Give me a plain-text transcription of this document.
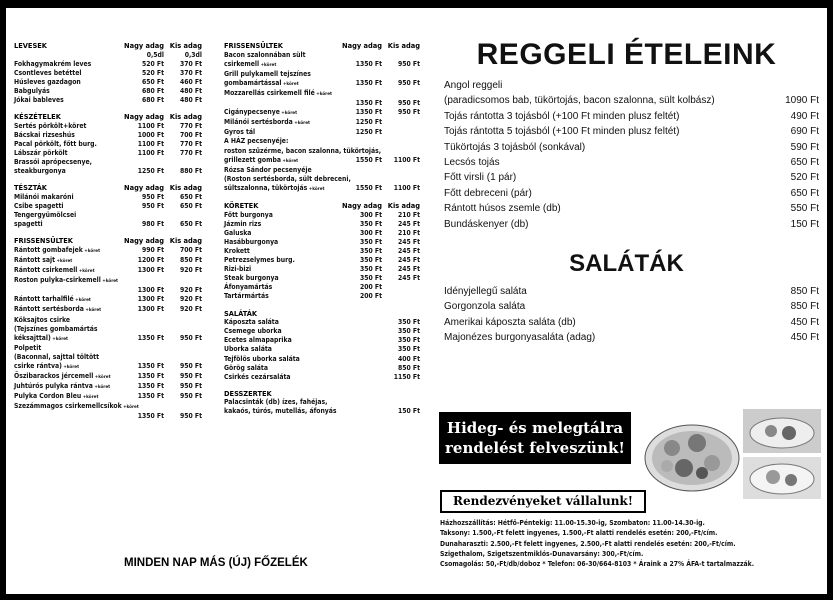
LEVESEK	Nagy adag Kis adag
0,5dl	0,3dl
Fokhagymakrém leves	520 Ft	370 Ft
Csontleves betéttel	520 Ft	370 Ft
Húsleves gazdagon	650 Ft	460 Ft
Babgulyás	680 Ft	480 Ft
Jókai bableves	680 Ft	480 Ft
KÉSZÉTELEK	Nagy adag Kis adag
Sertés pörkölt+köret	1100 Ft	770 Ft
Bácskai rizseshús	1000 Ft	700 Ft
Pacal pörkölt, főtt burg.	1100 Ft	770 Ft
Lábszár pörkölt	1100 Ft	770 Ft
Brassói aprópecsenye,
steakburgonya	1250 Ft	880 Ft
TÉSZTÁK	Nagy adag Kis adag
Milánói makaróni	950 Ft	650 Ft
Csibe spagetti	950 Ft	650 Ft
Tengergyümölcsei
spagetti	980 Ft	650 Ft
FRISSENSÜLTEK	Nagy adag Kis adag
Rántott gombafejek +köret	990 Ft	700 Ft
Rántott sajt +köret	1200 Ft	850 Ft
Rántott csirkemell +köret	1300 Ft	920 Ft
Roston pulyka-csirkemell +köret
1300 Ft	920 Ft
Rántott tarhalfilé +köret	1300 Ft	920 Ft
Rántott sertésborda +köret	1300 Ft	920 Ft
Köksajtos csirke
(Tejszínes gombamártás
kéksajttal) +köret	1350 Ft	950 Ft
Polpetit
(Baconnal, sajttal töltött
csirke rántva) +köret	1350 Ft	950 Ft
Őszibarackos jércemell +köret	1350 Ft	950 Ft
Juhtúrós pulyka rántva +köret	1350 Ft	950 Ft
Pulyka Cordon Bleu +köret	1350 Ft	950 Ft
Szezámmagos csirkemellcsíkok +köret
1350 Ft	950 Ft
FRISSENSÜLTEK	Nagy adag Kis adag
Bacon szalonnában sült
csirkemell +köret	1350 Ft	950 Ft
Grill pulykamell tejszínes
gombamártással +köret	1350 Ft	950 Ft
Mozzarellás csirkemell filé +köret
1350 Ft	950 Ft
Cigánypecsenye +köret	1350 Ft	950 Ft
Milánói sertésborda +köret	1250 Ft
Gyros tál	1250 Ft
A HÁZ pecsenyéje:
roston szűzérme, bacon szalonna, tükörtojás,
grillezett gomba +köret	1550 Ft	1100 Ft
Rózsa Sándor pecsenyéje
(Roston sertésborda, sült debreceni,
sültszalonna, tükörtojás +köret	1550 Ft	1100 Ft
KÖRETEK	Nagy adag Kis adag
Főtt burgonya	300 Ft	210 Ft
Jázmin rizs	350 Ft	245 Ft
Galuska	300 Ft	210 Ft
Hasábburgonya	350 Ft	245 Ft
Krokett	350 Ft	245 Ft
Petrezselymes burg.	350 Ft	245 Ft
Rizi-bizi	350 Ft	245 Ft
Steak burgonya	350 Ft	245 Ft
Áfonyamártás	200 Ft
Tartármártás	200 Ft
SALÁTÁK
Káposzta saláta	350 Ft
Csemege uborka	350 Ft
Ecetes almapaprika	350 Ft
Uborka saláta	350 Ft
Tejfölös uborka saláta	400 Ft
Görög saláta	850 Ft
Csirkés cezársaláta	1150 Ft
DESSZERTEK
Palacsinták (db) ízes, fahéjas,
kakaós, túrós, mutellás, áfonyás	150 Ft
REGGELI ÉTELEINK
Angol reggeli
(paradicsomos bab, tükörtojás, bacon szalonna, sült kolbász)	1090 Ft
Tojás rántotta 3 tojásból (+100 Ft minden plusz feltét)	490 Ft
Tojás rántotta 5 tojásból (+100 Ft minden plusz feltét)	690 Ft
Tükörtojás 3 tojásból (sonkával)	590 Ft
Lecsós tojás	650 Ft
Főtt virsli (1 pár)	520 Ft
Főtt debreceni (pár)	650 Ft
Rántott húsos zsemle (db)	550 Ft
Bundáskenyer (db)	150 Ft
SALÁTÁK
Idényjellegű saláta	850 Ft
Gorgonzola saláta	850 Ft
Amerikai káposzta saláta (db)	450 Ft
Majonézes burgonyasaláta (adag)	450 Ft
Hideg- és melegtálra
rendelést felveszünk!
Rendezvényeket vállalunk!
Házhozszállítás: Hétfő-Péntekig: 11.00-15.30-ig, Szombaton: 11.00-14.30-ig.
Taksony: 1.500,-Ft felett ingyenes, 1.500,-Ft alatti rendelés esetén: 200,-Ft/cím.
Dunaharaszti: 2.500,-Ft felett ingyenes, 2.500,-Ft alatti rendelés esetén: 200,-Ft/cím.
Szigethalom, Szigetszentmiklós-Dunavarsány: 300,-Ft/cím.
Csomagolás: 50,-Ft/db/doboz * Telefon: 06-30/664-8103 * Áraink a 27% ÁFA-t tartalmazzák.
MINDEN NAP MÁS (ÚJ) FŐZELÉK
